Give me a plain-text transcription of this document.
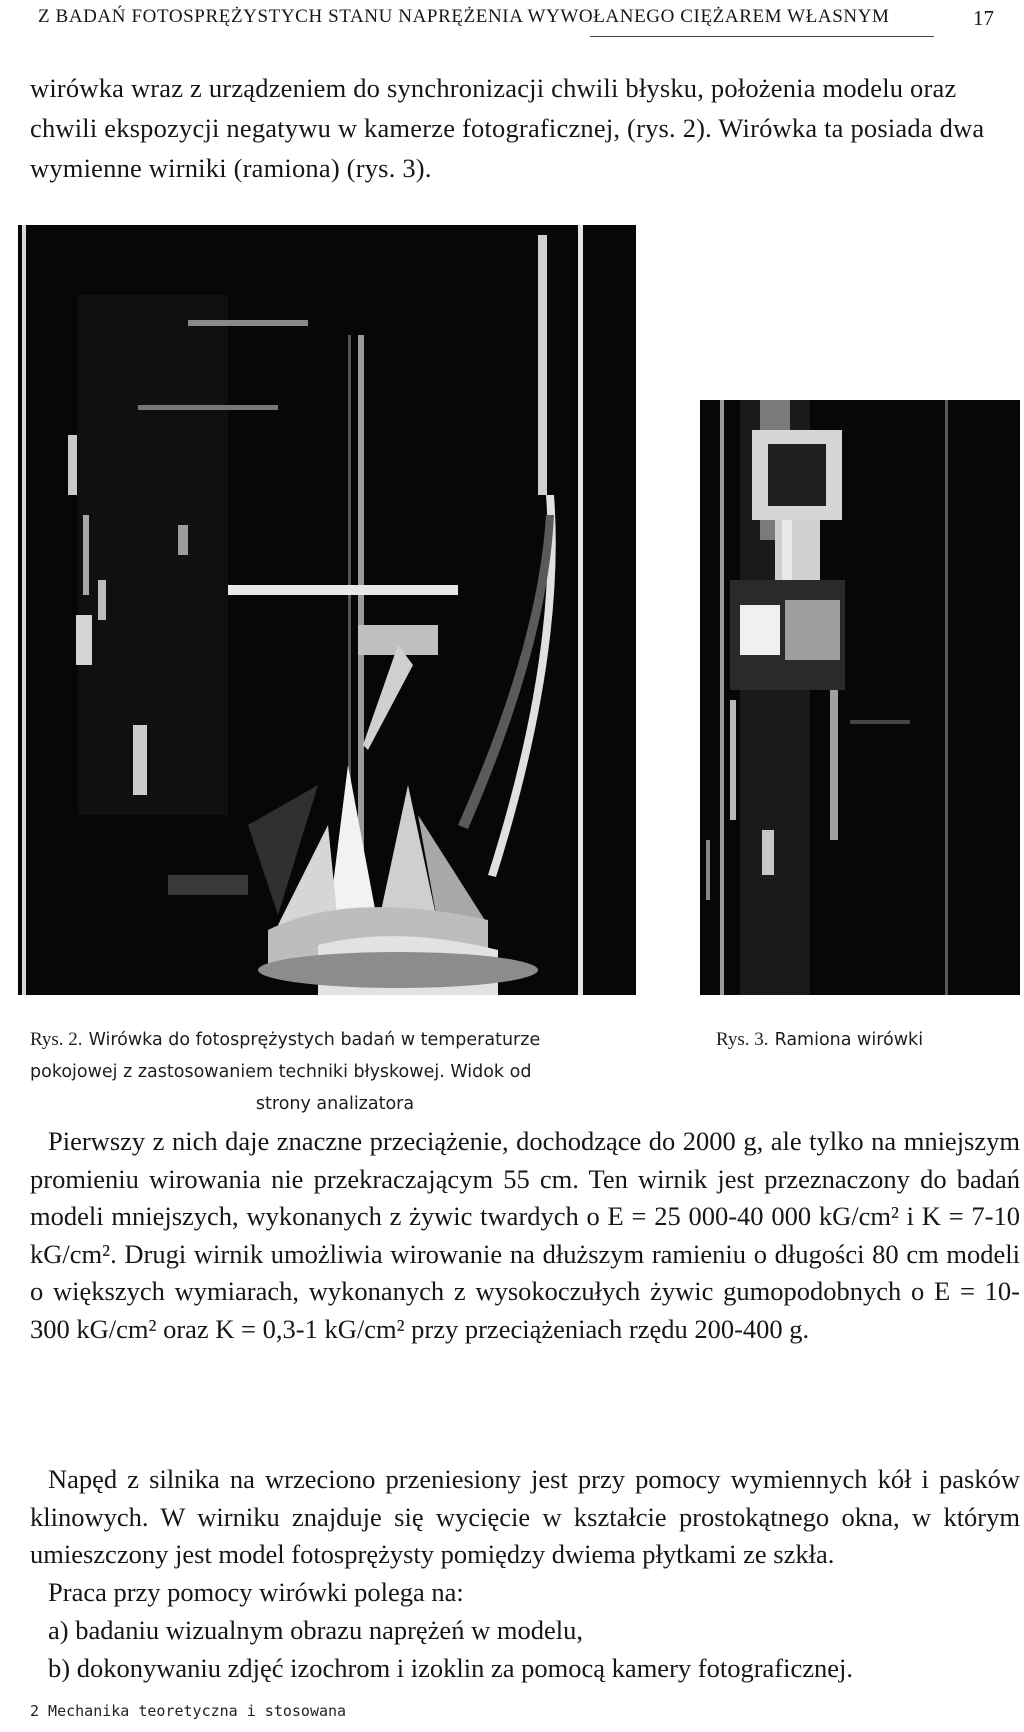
Z BADAŃ FOTOSPRĘŻYSTYCH STANU NAPRĘŻENIA WYWOŁANEGO CIĘŻAREM WŁASNYM	17

wirówka wraz z urządzeniem do synchronizacji chwili błysku, położenia modelu oraz chwili ekspozycji negatywu w kamerze fotograficznej, (rys. 2). Wirówka ta posiada dwa wymienne wirniki (ramiona) (rys. 3).

Rys. 2. Wirówka do fotosprężystych badań w temperaturze
pokojowej z zastosowaniem techniki błyskowej. Widok od
strony analizatora

Rys. 3. Ramiona wirówki

Pierwszy z nich daje znaczne przeciążenie, dochodzące do 2000 g, ale tylko na mniejszym promieniu wirowania nie przekraczającym 55 cm. Ten wirnik jest przeznaczony do badań modeli mniejszych, wykonanych z żywic twardych o E = 25 000-40 000 kG/cm² i K = 7-10 kG/cm². Drugi wirnik umożliwia wirowanie na dłuższym ramieniu o długości 80 cm modeli o większych wymiarach, wykonanych z wysokoczułych żywic gumopodobnych o E = 10-300 kG/cm² oraz K = 0,3-1 kG/cm² przy przeciążeniach rzędu 200-400 g.

Napęd z silnika na wrzeciono przeniesiony jest przy pomocy wymiennych kół i pasków klinowych. W wirniku znajduje się wycięcie w kształcie prostokątnego okna, w którym umieszczony jest model fotosprężysty pomiędzy dwiema płytkami ze szkła.

Praca przy pomocy wirówki polega na:

a) badaniu wizualnym obrazu naprężeń w modelu,

b) dokonywaniu zdjęć izochrom i izoklin za pomocą kamery fotograficznej.

2 Mechanika teoretyczna i stosowana
